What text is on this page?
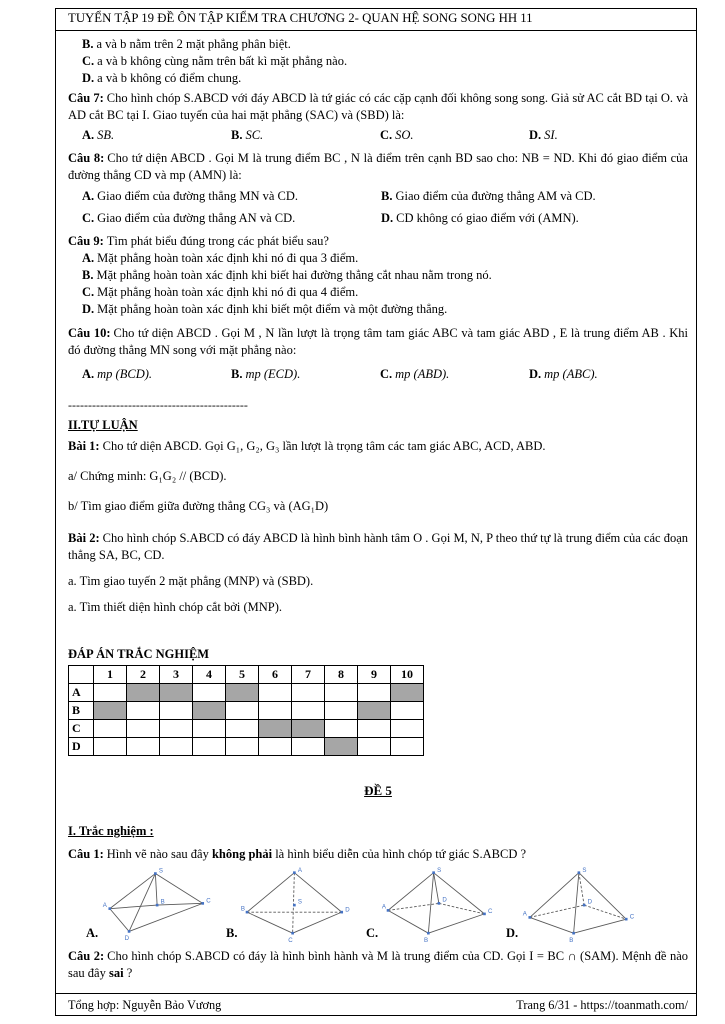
TUYỂN TẬP 19 ĐỀ ÔN TẬP KIỂM TRA CHƯƠNG 2- QUAN HỆ SONG SONG HH 11

B. a và b nằm trên 2 mặt phẳng phân biệt.

C. a và b không cùng nằm trên bất kì mặt phẳng nào.

D. a và b không có điểm chung.

Câu 7: Cho hình chóp S.ABCD với đáy ABCD là tứ giác có các cặp cạnh đối không song song. Giả sử AC cắt BD tại O. và AD cắt BC tại I. Giao tuyến của hai mặt phẳng (SAC) và (SBD) là:

A. SB.	B. SC.	C. SO.	D. SI.

Câu 8: Cho tứ diện ABCD . Gọi M là trung điểm BC , N là điểm trên cạnh BD sao cho: NB = ND. Khi đó giao điểm của đường thẳng CD và mp (AMN) là:

A. Giao điểm của đường thẳng MN và CD.	B. Giao điểm của đường thẳng AM và CD.
C. Giao điểm của đường thẳng AN và CD.	D. CD không có giao điểm với (AMN).

Câu 9: Tìm phát biểu đúng trong các phát biểu sau?

A. Mặt phẳng hoàn toàn xác định khi nó đi qua 3 điểm.

B. Mặt phẳng hoàn toàn xác định khi biết hai đường thẳng cắt nhau nằm trong nó.

C. Mặt phẳng hoàn toàn xác định khi nó đi qua 4 điểm.

D. Mặt phẳng hoàn toàn xác định khi biết một điểm và một đường thẳng.

Câu 10: Cho tứ diện ABCD . Gọi M , N lần lượt là trọng tâm tam giác ABC và tam giác ABD , E là trung điểm AB . Khi đó đường thẳng MN song với mặt phẳng nào:

A. mp (BCD).	B. mp (ECD).	C. mp (ABD).	D. mp (ABC).

---------------------------------------------

II.TỰ LUẬN

Bài 1: Cho tứ diện ABCD. Gọi G₁, G₂, G₃ lần lượt là trọng tâm các tam giác ABC, ACD, ABD.

a/ Chứng minh: G₁G₂ // (BCD).

b/ Tìm giao điểm giữa đường thẳng CG₃ và (AG₁D)

Bài 2: Cho hình chóp S.ABCD có đáy ABCD là hình bình hành tâm O . Gọi M, N, P theo thứ tự là trung điểm của các đoạn thẳng SA, BC, CD.

a. Tìm giao tuyến 2 mặt phẳng (MNP) và (SBD).

a. Tìm thiết diện hình chóp cắt bởi (MNP).

ĐÁP ÁN TRẮC NGHIỆM

	1	2	3	4	5	6	7	8	9	10
A										
B										
C										
D										

ĐỀ 5

I. Trắc nghiệm :

Câu 1: Hình vẽ nào sau đây không phải là hình biểu diễn của hình chóp tứ giác S.ABCD ?

A.
S
A
B	C
D	B.
A
B
C
D
S
C.
S
A
B
C
D
D.
S
A
B
C
D

Câu 2: Cho hình chóp S.ABCD có đáy là hình bình hành và M là trung điểm của CD. Gọi I = BC ∩ (SAM). Mệnh đề nào sau đây sai ?

Tổng hợp: Nguyễn Bảo Vương	Trang 6/31 - https://toanmath.com/
